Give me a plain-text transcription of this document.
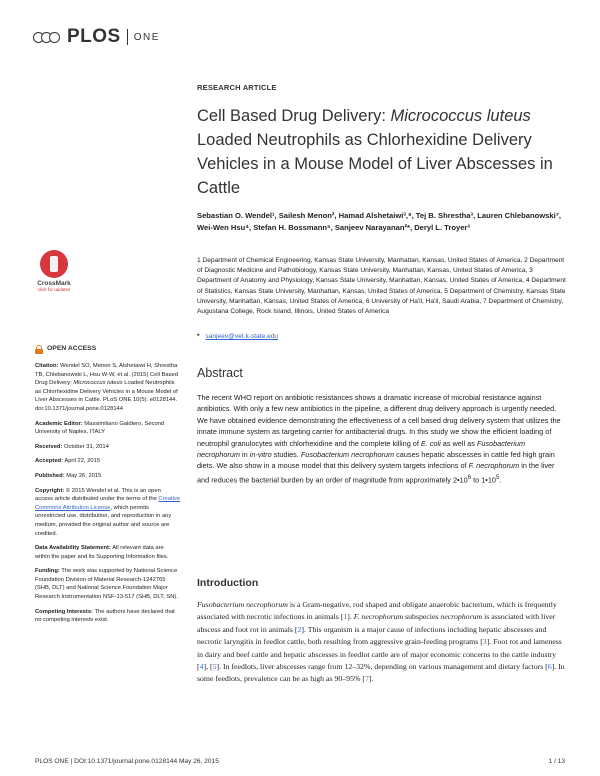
PLOS ONE
RESEARCH ARTICLE
Cell Based Drug Delivery: Micrococcus luteus Loaded Neutrophils as Chlorhexidine Delivery Vehicles in a Mouse Model of Liver Abscesses in Cattle
Sebastian O. Wendel¹, Sailesh Menon², Hamad Alshetaiwi³,⁸, Tej B. Shrestha³, Lauren Chlebanowski⁷, Wei-Wen Hsu⁴, Stefan H. Bossmann⁵, Sanjeev Narayanan²*, Deryl L. Troyer³
1 Department of Chemical Engineering, Kansas State University, Manhattan, Kansas, United States of America, 2 Department of Diagnostic Medicine and Pathobiology, Kansas State University, Manhattan, Kansas, United States of America, 3 Department of Anatomy and Physiology, Kansas State University, Manhattan, Kansas, United States of America, 4 Department of Statistics, Kansas State University, Manhattan, Kansas, United States of America, 5 Department of Chemistry, Kansas State University, Manhattan, Kansas, United States of America, 6 University of Ha'il, Ha'il, Saudi Arabia, 7 Department of Chemistry, Augustana College, Rock Island, Illinois, United States of America
* sanjeev@vet.k-state.edu
CrossMark
click for updates
OPEN ACCESS
Citation: Wendel SO, Menon S, Alshetaiwi H, Shrestha TB, Chlebanowski L, Hsu W-W, et al. (2015) Cell Based Drug Delivery: Micrococcus luteus Loaded Neutrophils as Chlorhexidine Delivery Vehicles in a Mouse Model of Liver Abscesses in Cattle. PLoS ONE 10(5): e0128144. doi:10.1371/journal.pone.0128144
Academic Editor: Massimiliano Galdiero, Second University of Naples, ITALY
Received: October 31, 2014
Accepted: April 22, 2015
Published: May 26, 2015
Copyright: © 2015 Wendel et al. This is an open access article distributed under the terms of the Creative Commons Attribution License, which permits unrestricted use, distribution, and reproduction in any medium, provided the original author and source are credited.
Data Availability Statement: All relevant data are within the paper and its Supporting Information files.
Funding: The work was supported by National Science Foundation Division of Material Research-1242765 (SHB, DLT) and National Science Foundation Major Research Instrumentation NSF-13-517 (SHB, DLT, SN).
Competing Interests: The authors have declared that no competing interests exist.
Abstract

The recent WHO report on antibiotic resistances shows a dramatic increase of microbial resistance against antibiotics. With only a few new antibiotics in the pipeline, a different drug delivery approach is urgently needed. We have obtained evidence demonstrating the effectiveness of a cell based drug delivery system that utilizes the innate immune system as targeting carrier for antibacterial drugs. In this study we show the efficient loading of neutrophil granulocytes with chlorhexidine and the complete killing of E. coli as well as Fusobacterium necrophorum in in-vitro studies. Fusobacterium necrophorum causes hepatic abscesses in cattle fed high grain diets. We also show in a mouse model that this delivery system targets infections of F. necrophorum in the liver and reduces the bacterial burden by an order of magnitude from approximately $2•10^6$ to $1•10^5$.

Introduction

Fusobacterium necrophorum is a Gram-negative, rod shaped and obligate anaerobic bacterium, which is frequently associated with necrotic infections in animals [1]. F. necrophorum subspecies necrophorum is associated with liver abscess and foot rot in animals [2]. This organism is a major cause of infections including hepatic abscesses and necrotic laryngitis in feedlot cattle, both resulting from aggressive grain-feeding programs [3]. Foot rot and lameness in dairy and beef cattle and hepatic abscesses in feedlot cattle are of major economic concerns to the cattle industry [4], [5]. In feedlots, liver abscesses range from 12–32%, depending on various management and dietary factors [6]. In some feedlots, prevalence can be as high as 90–95% [7].

PLOS ONE | DOI:10.1371/journal.pone.0128144 May 26, 2015	1 / 13
